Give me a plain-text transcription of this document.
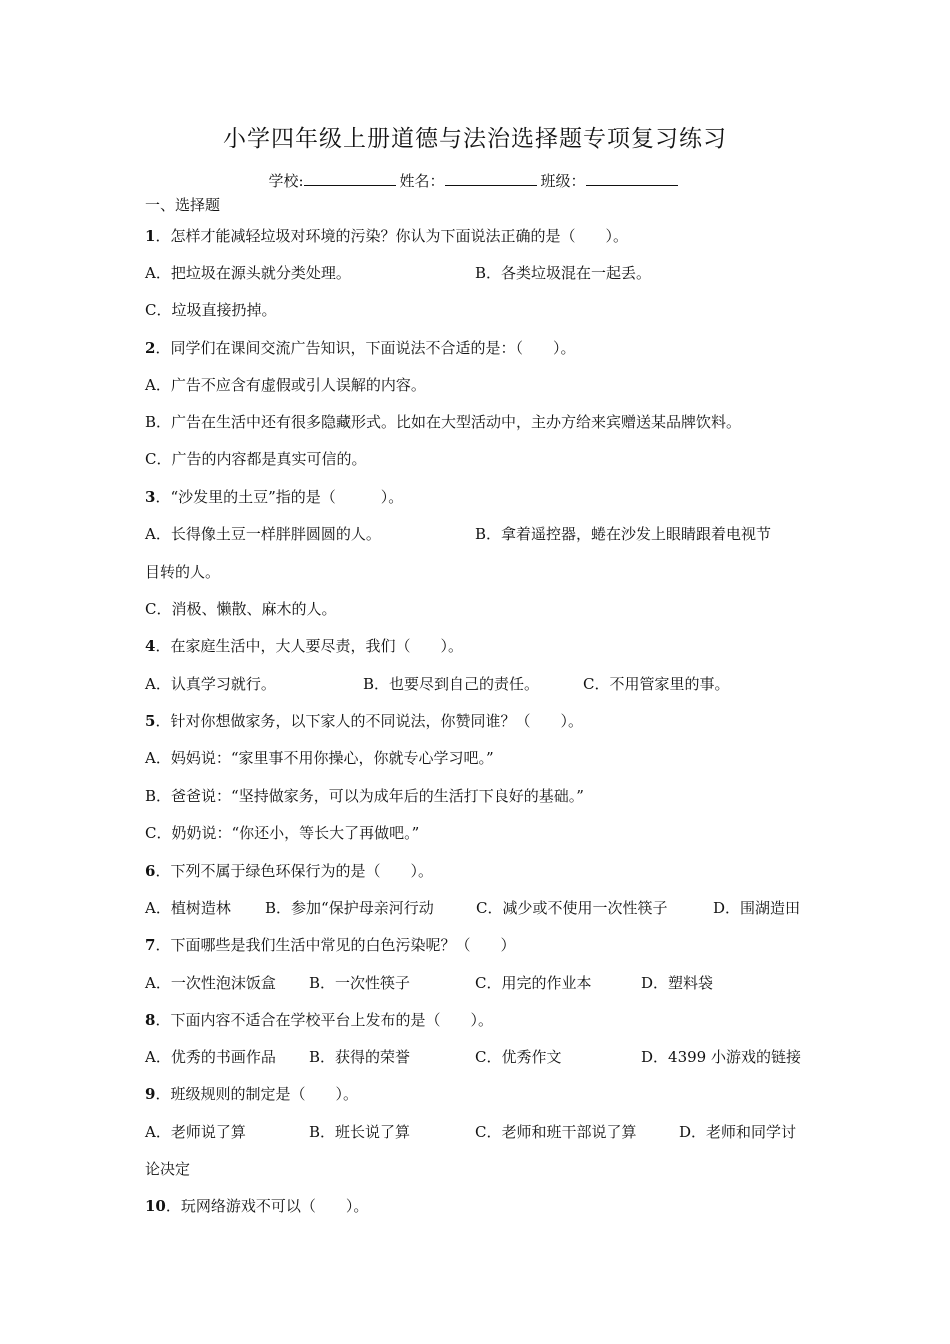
小学四年级上册道德与法治选择题专项复习练习
学校:	姓名：	班级：
一、选择题
1．怎样才能减轻垃圾对环境的污染？你认为下面说法正确的是（　　）。
A．把垃圾在源头就分类处理。	B．各类垃圾混在一起丢。
C．垃圾直接扔掉。
2．同学们在课间交流广告知识，下面说法不合适的是：（　　）。
A．广告不应含有虚假或引人误解的内容。
B．广告在生活中还有很多隐藏形式。比如在大型活动中，主办方给来宾赠送某品牌饮料。
C．广告的内容都是真实可信的。
3．“沙发里的土豆”指的是（　　　）。
A．长得像土豆一样胖胖圆圆的人。	B．拿着遥控器，蜷在沙发上眼睛跟着电视节
目转的人。
C．消极、懒散、麻木的人。
4．在家庭生活中，大人要尽责，我们（　　）。
A．认真学习就行。	B．也要尽到自己的责任。	C．不用管家里的事。
5．针对你想做家务，以下家人的不同说法，你赞同谁？（　　）。
A．妈妈说：“家里事不用你操心，你就专心学习吧。”
B．爸爸说：“坚持做家务，可以为成年后的生活打下良好的基础。”
C．奶奶说：“你还小，等长大了再做吧。”
6．下列不属于绿色环保行为的是（　　）。
A．植树造林 B．参加“保护母亲河行动	C．减少或不使用一次性筷子	D．围湖造田
7．下面哪些是我们生活中常见的白色污染呢？（　　）
A．一次性泡沫饭盒 B．一次性筷子	C．用完的作业本	D．塑料袋
8．下面内容不适合在学校平台上发布的是（　　）。
A．优秀的书画作品 B．获得的荣誉	C．优秀作文	D．4399 小游戏的链接
9．班级规则的制定是（　　）。
A．老师说了算	B．班长说了算	C．老师和班干部说了算	D．老师和同学讨
论决定
10．玩网络游戏不可以（　　）。
